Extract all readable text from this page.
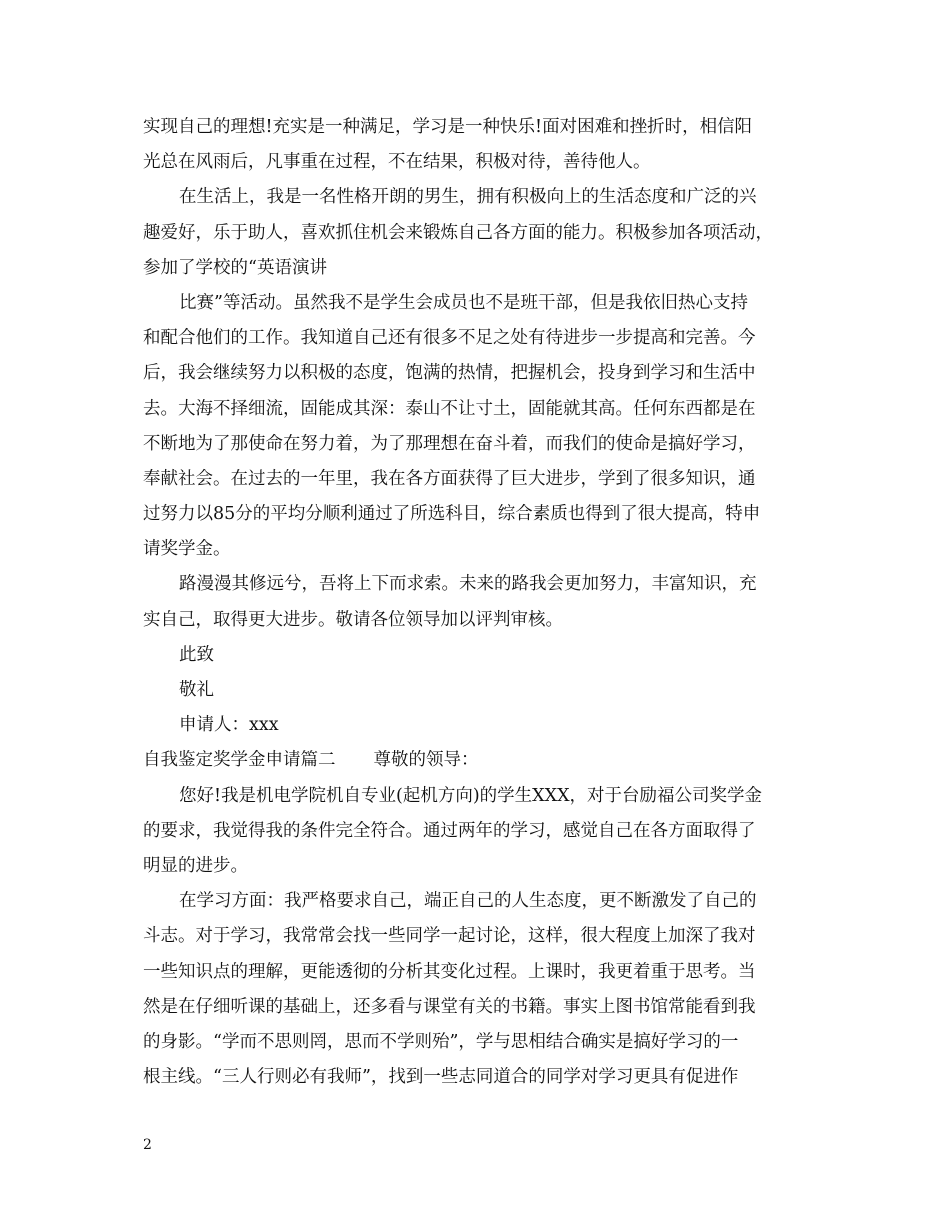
实现自己的理想!充实是一种满足，学习是一种快乐!面对困难和挫折时，相信阳
光总在风雨后，凡事重在过程，不在结果，积极对待，善待他人。
在生活上，我是一名性格开朗的男生，拥有积极向上的生活态度和广泛的兴
趣爱好，乐于助人，喜欢抓住机会来锻炼自己各方面的能力。积极参加各项活动，
参加了学校的“英语演讲
比赛”等活动。虽然我不是学生会成员也不是班干部，但是我依旧热心支持
和配合他们的工作。我知道自己还有很多不足之处有待进步一步提高和完善。今
后，我会继续努力以积极的态度，饱满的热情，把握机会，投身到学习和生活中
去。大海不择细流，固能成其深：泰山不让寸土，固能就其高。任何东西都是在
不断地为了那使命在努力着，为了那理想在奋斗着，而我们的使命是搞好学习，
奉献社会。在过去的一年里，我在各方面获得了巨大进步，学到了很多知识，通
过努力以85分的平均分顺利通过了所选科目，综合素质也得到了很大提高，特申
请奖学金。
路漫漫其修远兮，吾将上下而求索。未来的路我会更加努力，丰富知识，充
实自己，取得更大进步。敬请各位领导加以评判审核。
此致
敬礼
申请人：xxx
自我鉴定奖学金申请篇二 尊敬的领导：
您好!我是机电学院机自专业(起机方向)的学生XXX，对于台励福公司奖学金
的要求，我觉得我的条件完全符合。通过两年的学习，感觉自己在各方面取得了
明显的进步。
在学习方面：我严格要求自己，端正自己的人生态度，更不断激发了自己的
斗志。对于学习，我常常会找一些同学一起讨论，这样，很大程度上加深了我对
一些知识点的理解，更能透彻的分析其变化过程。上课时，我更着重于思考。当
然是在仔细听课的基础上，还多看与课堂有关的书籍。事实上图书馆常能看到我
的身影。“学而不思则罔，思而不学则殆”，学与思相结合确实是搞好学习的一
根主线。“三人行则必有我师”，找到一些志同道合的同学对学习更具有促进作
2
